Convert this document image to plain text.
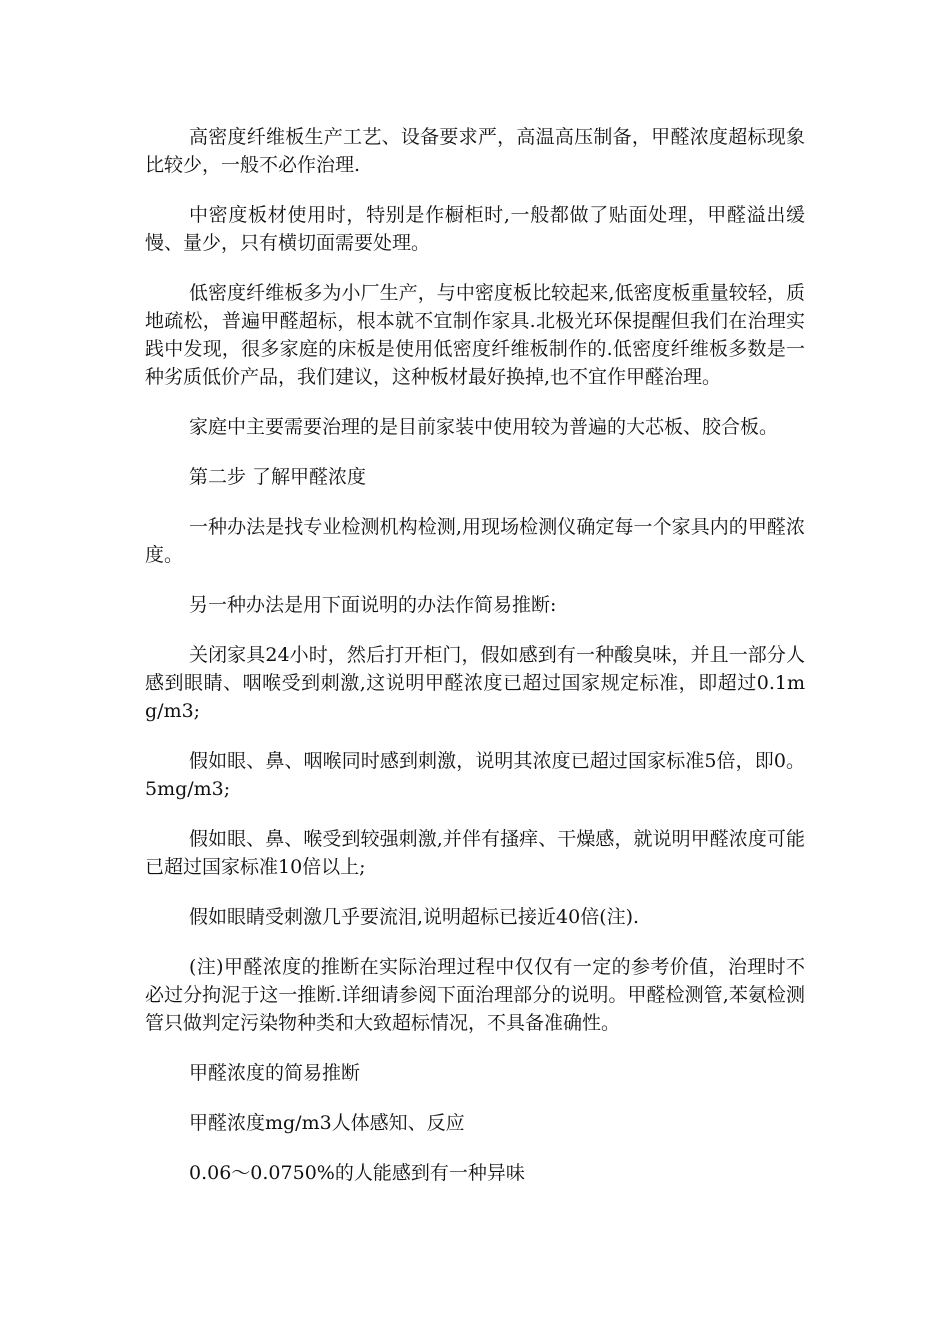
高密度纤维板生产工艺、设备要求严，高温高压制备，甲醛浓度超标现象比较少，一般不必作治理.

中密度板材使用时，特别是作橱柜时,一般都做了贴面处理，甲醛溢出缓慢、量少，只有横切面需要处理。

低密度纤维板多为小厂生产，与中密度板比较起来,低密度板重量较轻，质地疏松，普遍甲醛超标，根本就不宜制作家具.北极光环保提醒但我们在治理实践中发现，很多家庭的床板是使用低密度纤维板制作的.低密度纤维板多数是一种劣质低价产品，我们建议，这种板材最好换掉,也不宜作甲醛治理。

家庭中主要需要治理的是目前家装中使用较为普遍的大芯板、胶合板。

第二步 了解甲醛浓度

一种办法是找专业检测机构检测,用现场检测仪确定每一个家具内的甲醛浓度。

另一种办法是用下面说明的办法作简易推断:

关闭家具24小时，然后打开柜门，假如感到有一种酸臭味，并且一部分人感到眼睛、咽喉受到刺激,这说明甲醛浓度已超过国家规定标准，即超过0.1mg/m3;

假如眼、鼻、咽喉同时感到刺激，说明其浓度已超过国家标准5倍，即0。5mg/m3;

假如眼、鼻、喉受到较强刺激,并伴有搔痒、干燥感，就说明甲醛浓度可能已超过国家标准10倍以上;

假如眼睛受刺激几乎要流泪,说明超标已接近40倍(注).

(注)甲醛浓度的推断在实际治理过程中仅仅有一定的参考价值，治理时不必过分拘泥于这一推断.详细请参阅下面治理部分的说明。甲醛检测管,苯氨检测管只做判定污染物种类和大致超标情况，不具备准确性。

甲醛浓度的简易推断

甲醛浓度mg/m3人体感知、反应

0.06～0.0750%的人能感到有一种异味
